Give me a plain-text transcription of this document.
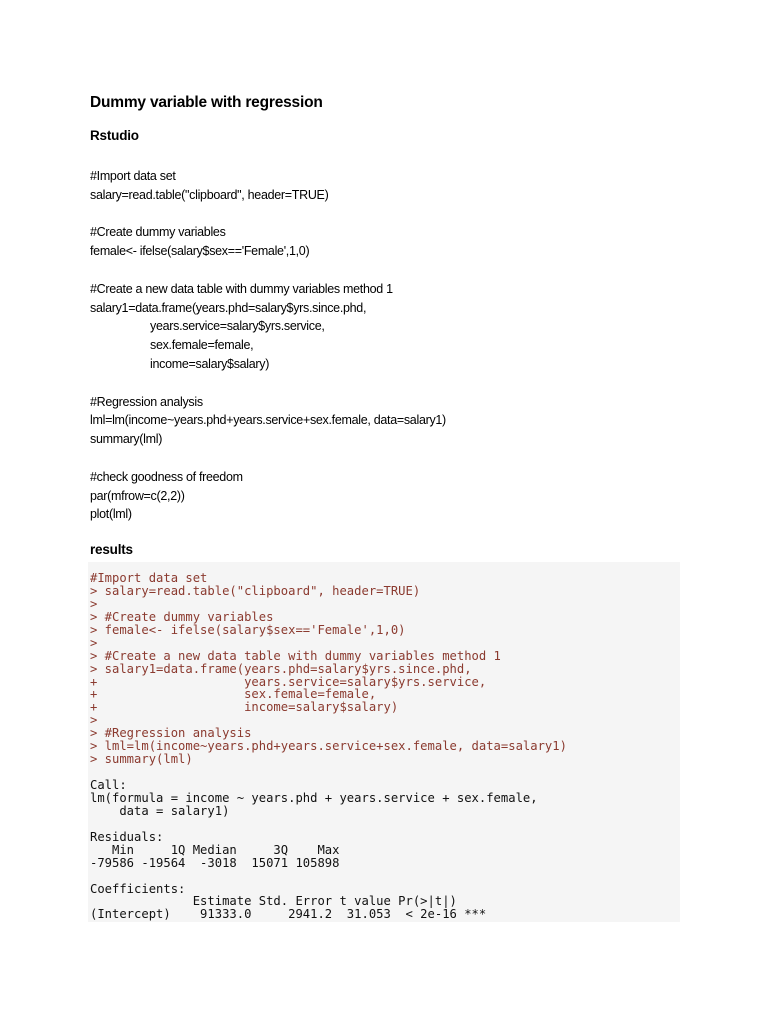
Dummy variable with regression
Rstudio
#Import data set
salary=read.table("clipboard", header=TRUE)
#Create dummy variables
female<- ifelse(salary$sex=='Female',1,0)
#Create a new data table with dummy variables method 1
salary1=data.frame(years.phd=salary$yrs.since.phd,
years.service=salary$yrs.service,
sex.female=female,
income=salary$salary)
#Regression analysis
lml=lm(income~years.phd+years.service+sex.female, data=salary1)
summary(lml)
#check goodness of freedom
par(mfrow=c(2,2))
plot(lml)
results
#Import data set
> salary=read.table("clipboard", header=TRUE)
>
> #Create dummy variables
> female<- ifelse(salary$sex=='Female',1,0)
>
> #Create a new data table with dummy variables method 1
> salary1=data.frame(years.phd=salary$yrs.since.phd,
+                    years.service=salary$yrs.service,
+                    sex.female=female,
+                    income=salary$salary)
>
> #Regression analysis
> lml=lm(income~years.phd+years.service+sex.female, data=salary1)
> summary(lml)
Call:
lm(formula = income ~ years.phd + years.service + sex.female,
data = salary1)
Residuals:
Min     1Q Median     3Q    Max
-79586 -19564  -3018  15071 105898
Coefficients:
Estimate Std. Error t value Pr(>|t|)
(Intercept)    91333.0     2941.2  31.053  < 2e-16 ***
